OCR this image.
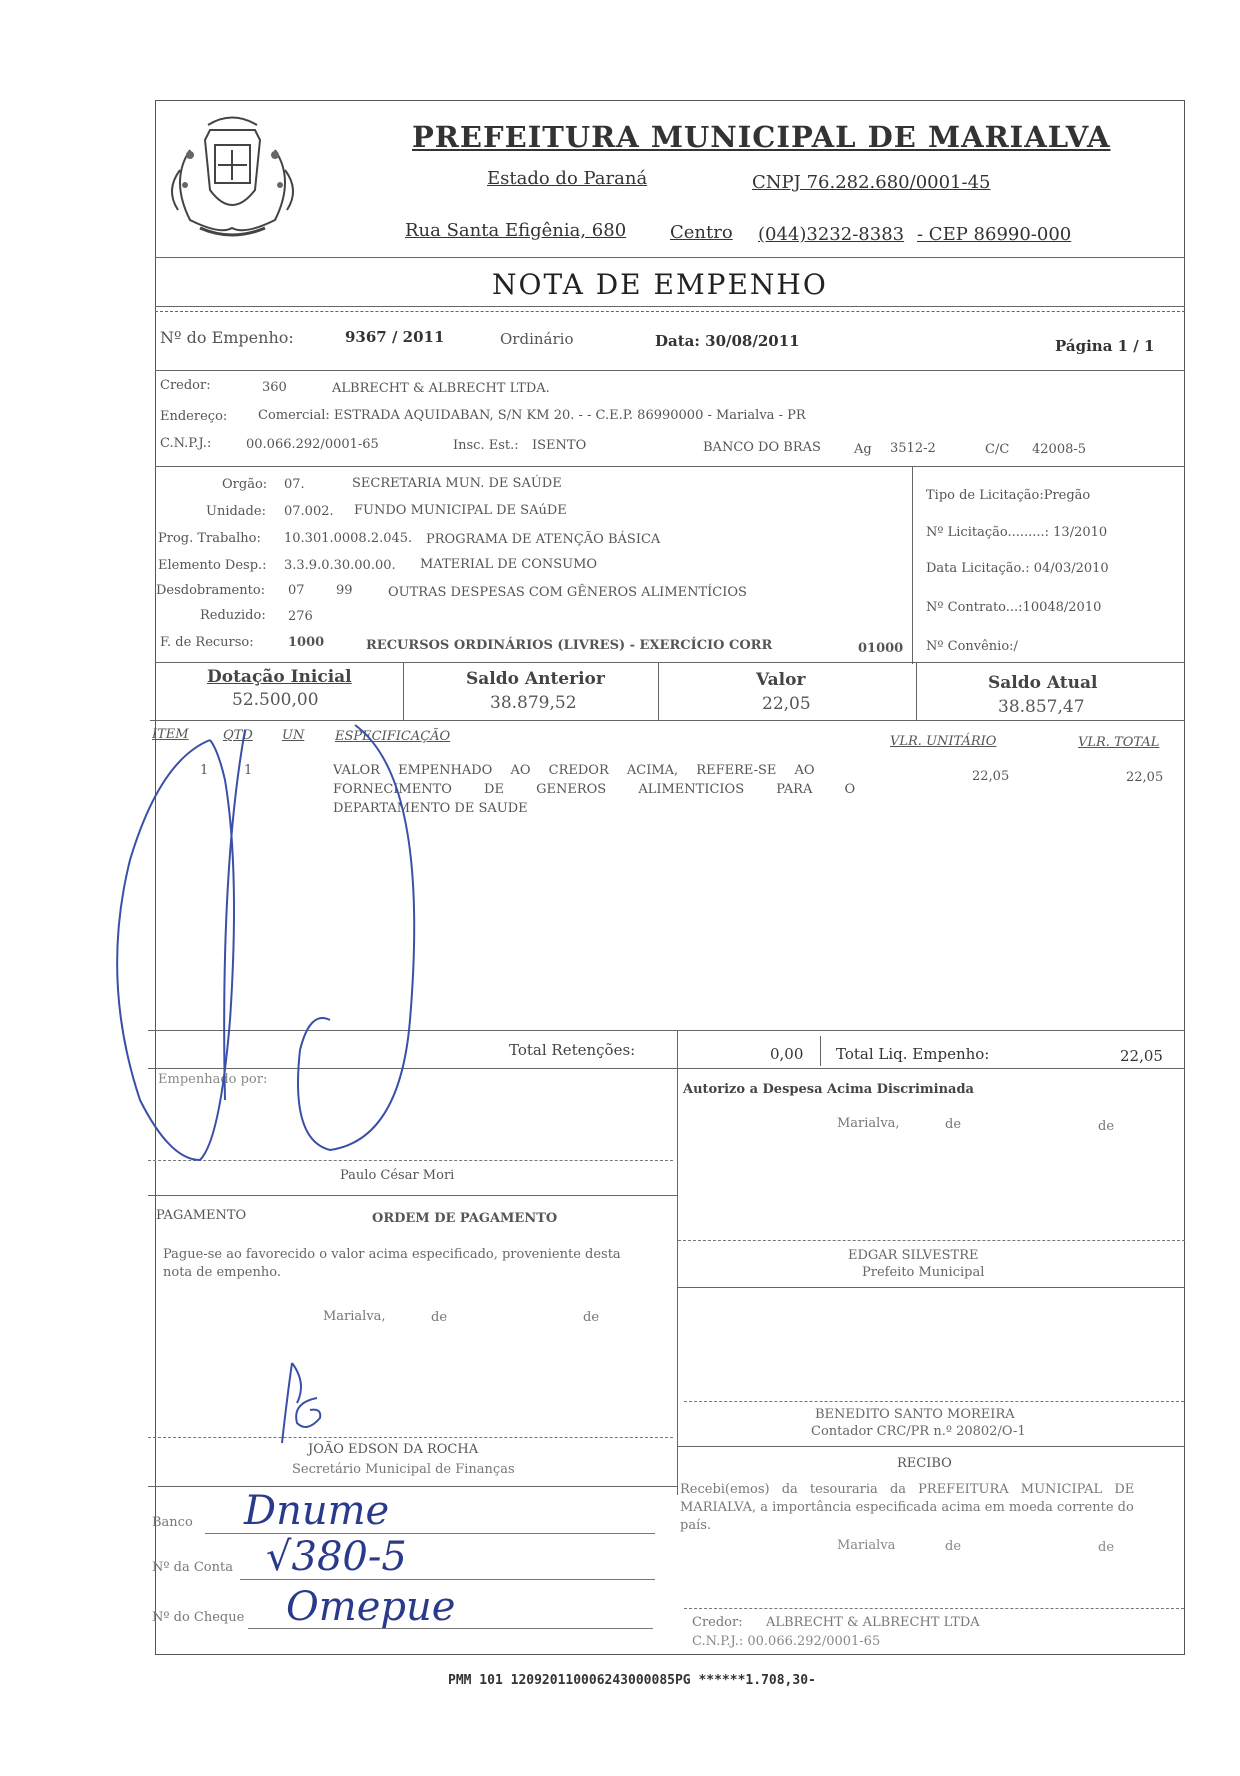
PREFEITURA MUNICIPAL DE MARIALVA
Estado do Paraná	CNPJ 76.282.680/0001-45
Rua Santa Efigênia, 680 Centro (044)3232-8383 - CEP 86990-000
NOTA DE EMPENHO
Nº do Empenho:	9367 / 2011	Ordinário	Data: 30/08/2011	Página 1 / 1
Credor:	360	ALBRECHT & ALBRECHT LTDA.
Endereço: Comercial: ESTRADA AQUIDABAN, S/N KM 20. - - C.E.P. 86990000 - Marialva - PR
C.N.P.J.:	00.066.292/0001-65	Insc. Est.: ISENTO	BANCO DO BRAS	Ag 3512-2	C/C 42008-5
Orgão: 07.	SECRETARIA MUN. DE SAÚDE
Unidade: 07.002. FUNDO MUNICIPAL DE SAúDE
Prog. Trabalho: 10.301.0008.2.045. PROGRAMA DE ATENÇÃO BÁSICA
Elemento Desp.: 3.3.9.0.30.00.00. MATERIAL DE CONSUMO
Desdobramento: 07 99	OUTRAS DESPESAS COM GÊNEROS ALIMENTÍCIOS
Reduzido: 276
F. de Recurso:	1000	RECURSOS ORDINÁRIOS (LIVRES) - EXERCÍCIO CORR	01000
Tipo de Licitação:Pregão
Nº Licitação.........: 13/2010
Data Licitação.: 04/03/2010
Nº Contrato...:10048/2010
Nº Convênio:/
Dotação Inicial
52.500,00
Saldo Anterior
38.879,52
Valor
22,05
Saldo Atual
38.857,47
ITEM	QTD UN ESPECIFICAÇÃO	VLR. UNITÁRIO	VLR. TOTAL
1	1	VALOR EMPENHADO AO CREDOR ACIMA, REFERE-SE AO
FORNECIMENTO DE GENEROS ALIMENTICIOS PARA O
DEPARTAMENTO DE SAUDE
22,05	22,05
Total Retenções:	0,00 Total Liq. Empenho:	22,05
Empenhado por:
Paulo César Mori
Autorizo a Despesa Acima Discriminada
Marialva,	de	de
PAGAMENTO	ORDEM DE PAGAMENTO
Pague-se ao favorecido o valor acima especificado, proveniente desta
nota de empenho.
Marialva,	de	de
EDGAR SILVESTRE
Prefeito Municipal
BENEDITO SANTO MOREIRA
Contador CRC/PR n.º 20802/O-1
JOÃO EDSON DA ROCHA
Secretário Municipal de Finanças	RECIBO
Recebi(emos) da tesouraria da PREFEITURA MUNICIPAL DE
MARIALVA, a importância especificada acima em moeda corrente do
país.
Marialva	de	de
Credor: ALBRECHT & ALBRECHT LTDA
C.N.P.J.: 00.066.292/0001-65
Banco Dnume
Nº da Conta √380-5
Nº do Cheque Omepue
PMM 101 120920110006243000085PG ******1.708,30-
